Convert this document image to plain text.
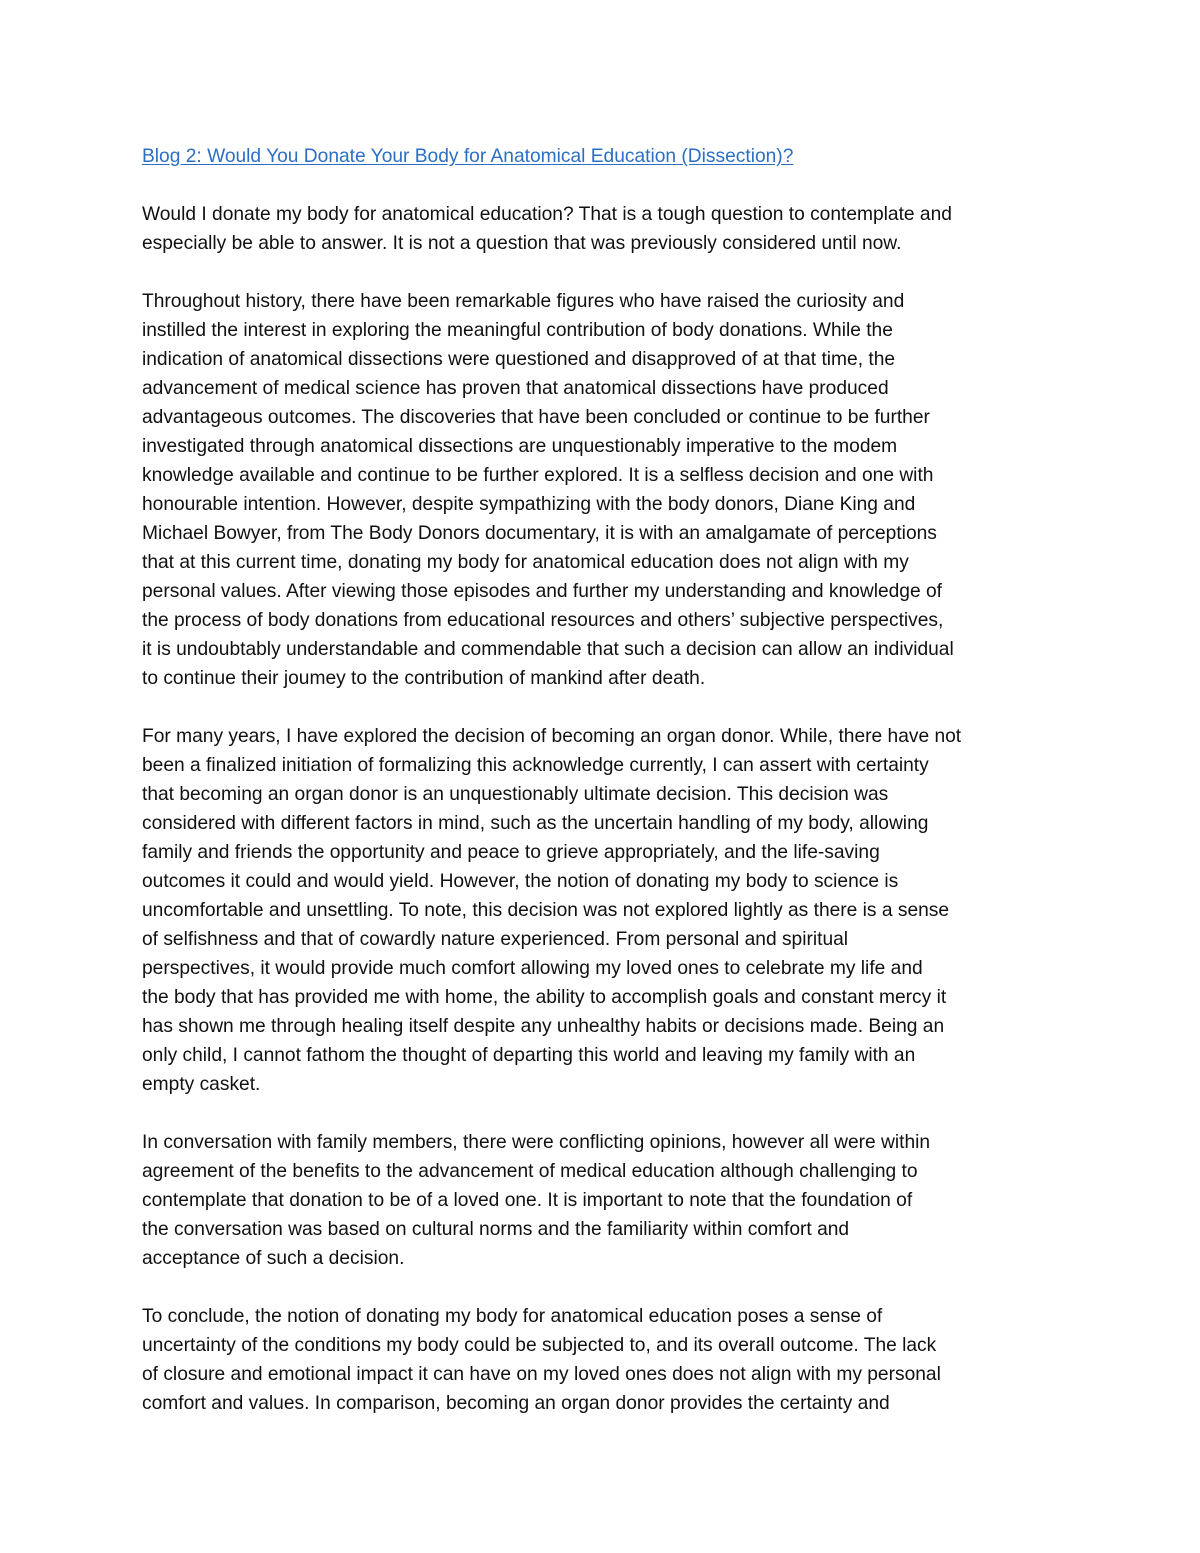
Blog 2: Would You Donate Your Body for Anatomical Education (Dissection)?

Would I donate my body for anatomical education? That is a tough question to contemplate and
especially be able to answer. It is not a question that was previously considered until now.

Throughout history, there have been remarkable figures who have raised the curiosity and
instilled the interest in exploring the meaningful contribution of body donations. While the
indication of anatomical dissections were questioned and disapproved of at that time, the
advancement of medical science has proven that anatomical dissections have produced
advantageous outcomes. The discoveries that have been concluded or continue to be further
investigated through anatomical dissections are unquestionably imperative to the modem
knowledge available and continue to be further explored. It is a selfless decision and one with
honourable intention. However, despite sympathizing with the body donors, Diane King and
Michael Bowyer, from The Body Donors documentary, it is with an amalgamate of perceptions
that at this current time, donating my body for anatomical education does not align with my
personal values. After viewing those episodes and further my understanding and knowledge of
the process of body donations from educational resources and others’ subjective perspectives,
it is undoubtably understandable and commendable that such a decision can allow an individual
to continue their joumey to the contribution of mankind after death.

For many years, I have explored the decision of becoming an organ donor. While, there have not
been a finalized initiation of formalizing this acknowledge currently, I can assert with certainty
that becoming an organ donor is an unquestionably ultimate decision. This decision was
considered with different factors in mind, such as the uncertain handling of my body, allowing
family and friends the opportunity and peace to grieve appropriately, and the life-saving
outcomes it could and would yield. However, the notion of donating my body to science is
uncomfortable and unsettling. To note, this decision was not explored lightly as there is a sense
of selfishness and that of cowardly nature experienced. From personal and spiritual
perspectives, it would provide much comfort allowing my loved ones to celebrate my life and
the body that has provided me with home, the ability to accomplish goals and constant mercy it
has shown me through healing itself despite any unhealthy habits or decisions made. Being an
only child, I cannot fathom the thought of departing this world and leaving my family with an
empty casket.

In conversation with family members, there were conflicting opinions, however all were within
agreement of the benefits to the advancement of medical education although challenging to
contemplate that donation to be of a loved one. It is important to note that the foundation of
the conversation was based on cultural norms and the familiarity within comfort and
acceptance of such a decision.

To conclude, the notion of donating my body for anatomical education poses a sense of
uncertainty of the conditions my body could be subjected to, and its overall outcome. The lack
of closure and emotional impact it can have on my loved ones does not align with my personal
comfort and values. In comparison, becoming an organ donor provides the certainty and
